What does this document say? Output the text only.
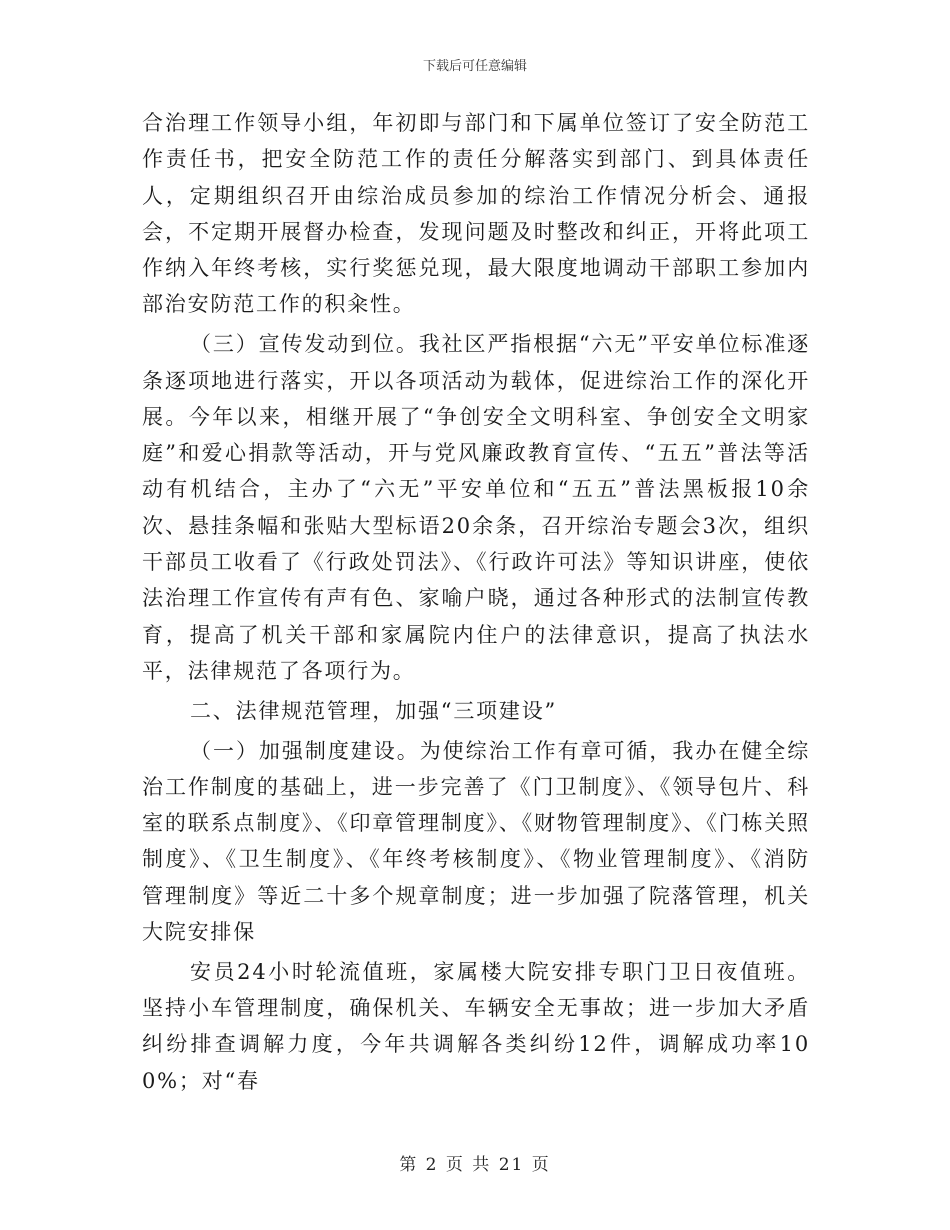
下载后可任意编辑

合治理工作领导小组，年初即与部门和下属单位签订了安全防范工作责任书，把安全防范工作的责任分解落实到部门、到具体责任人，定期组织召开由综治成员参加的综治工作情况分析会、通报会，不定期开展督办检查，发现问题及时整改和纠正，开将此项工作纳入年终考核，实行奖惩兑现，最大限度地调动干部职工参加内部治安防范工作的积籴性。

（三）宣传发动到位。我社区严指根据“六无”平安单位标准逐条逐项地进行落实，开以各项活动为载体，促进综治工作的深化开展。今年以来，相继开展了“争创安全文明科室、争创安全文明家庭”和爱心捐款等活动，开与党风廉政教育宣传、“五五”普法等活动有机结合，主办了“六无”平安单位和“五五”普法黑板报10余次、悬挂条幅和张贴大型标语20余条，召开综治专题会3次，组织干部员工收看了《行政处罚法》、《行政许可法》等知识讲座，使依法治理工作宣传有声有色、家喻户晓，通过各种形式的法制宣传教育，提高了机关干部和家属院内住户的法律意识，提高了执法水平，法律规范了各项行为。

二、法律规范管理，加强“三项建设”

（一）加强制度建设。为使综治工作有章可循，我办在健全综治工作制度的基础上，进一步完善了《门卫制度》、《领导包片、科室的联系点制度》、《印章管理制度》、《财物管理制度》、《门栋关照制度》、《卫生制度》、《年终考核制度》、《物业管理制度》、《消防管理制度》等近二十多个规章制度；进一步加强了院落管理，机关大院安排保

安员24小时轮流值班，家属楼大院安排专职门卫日夜值班。坚持小车管理制度，确保机关、车辆安全无事故；进一步加大矛盾纠纷排查调解力度，今年共调解各类纠纷12件，调解成功率100%；对“春

第 2 页 共 21 页
